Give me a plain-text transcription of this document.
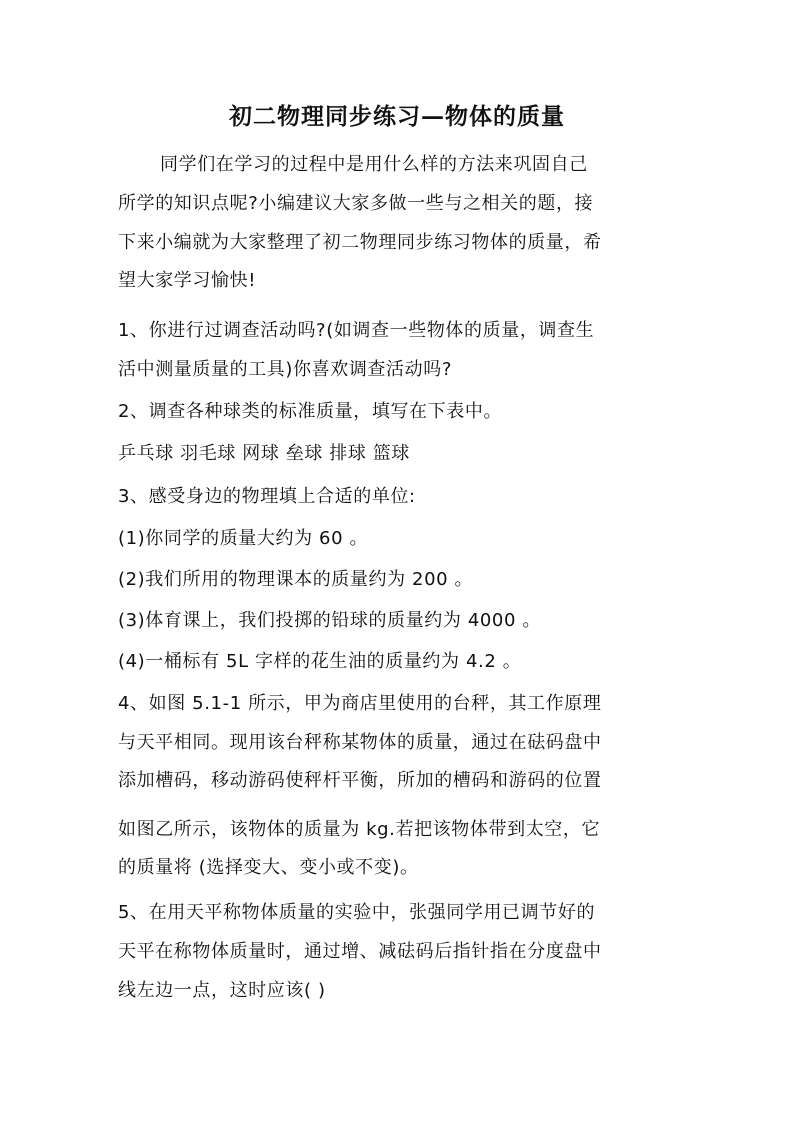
初二物理同步练习—物体的质量
同学们在学习的过程中是用什么样的方法来巩固自己
所学的知识点呢?小编建议大家多做一些与之相关的题，接
下来小编就为大家整理了初二物理同步练习物体的质量，希
望大家学习愉快!
1、你进行过调查活动吗?(如调查一些物体的质量，调查生
活中测量质量的工具)你喜欢调查活动吗?
2、调查各种球类的标准质量，填写在下表中。
乒乓球 羽毛球 网球 垒球 排球 篮球
3、感受身边的物理填上合适的单位:
(1)你同学的质量大约为 60 。
(2)我们所用的物理课本的质量约为 200 。
(3)体育课上，我们投掷的铅球的质量约为 4000 。
(4)一桶标有 5L 字样的花生油的质量约为 4.2 。
4、如图 5.1-1 所示，甲为商店里使用的台秤，其工作原理
与天平相同。现用该台秤称某物体的质量，通过在砝码盘中
添加槽码，移动游码使秤杆平衡，所加的槽码和游码的位置
如图乙所示，该物体的质量为 kg.若把该物体带到太空，它
的质量将 (选择变大、变小或不变)。
5、在用天平称物体质量的实验中，张强同学用已调节好的
天平在称物体质量时，通过增、减砝码后指针指在分度盘中
线左边一点，这时应该( )
